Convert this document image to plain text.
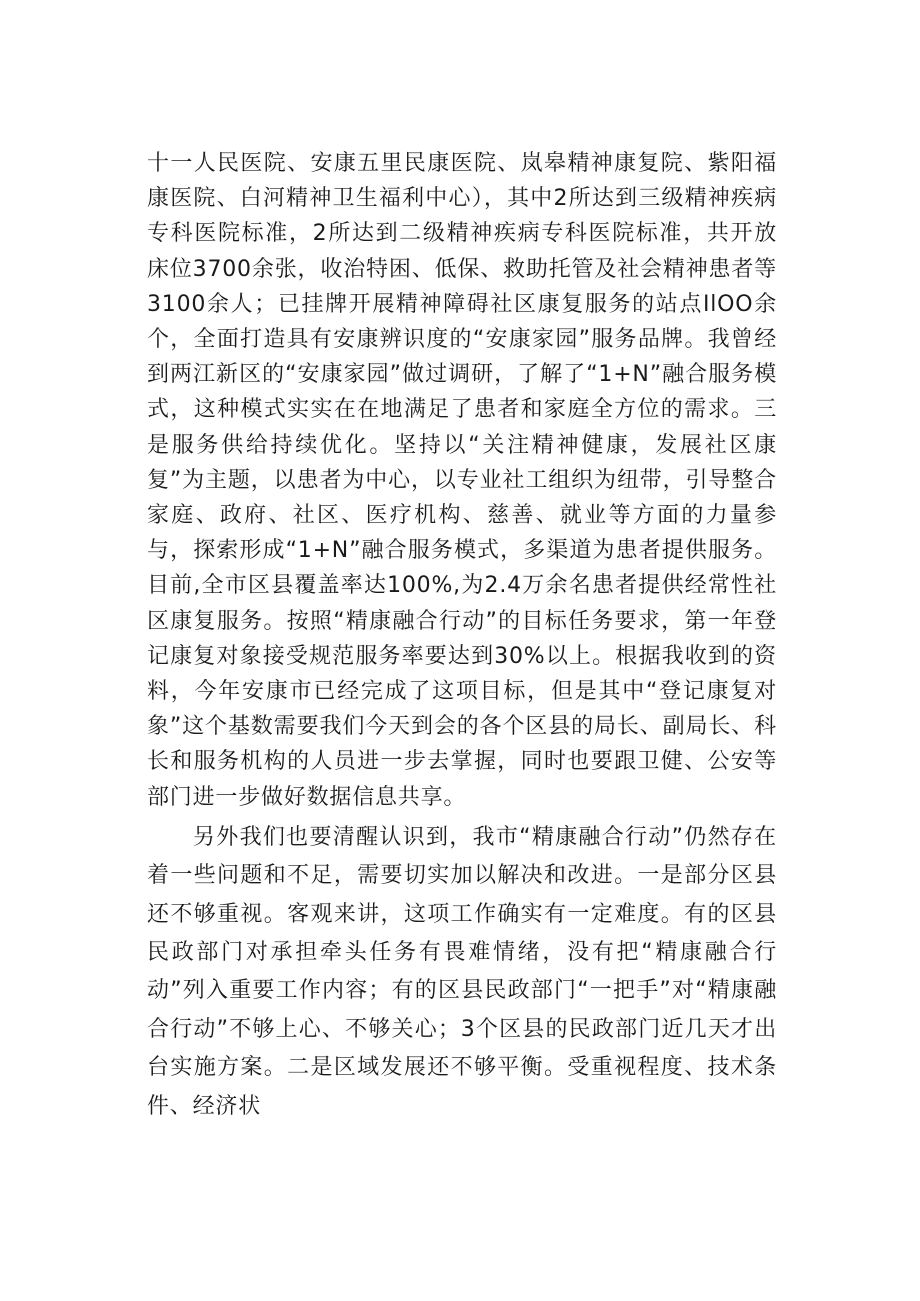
十一人民医院、安康五里民康医院、岚皋精神康复院、紫阳福康医院、白河精神卫生福利中心），其中2所达到三级精神疾病专科医院标准，2所达到二级精神疾病专科医院标准，共开放床位3700余张，收治特困、低保、救助托管及社会精神患者等3100余人；已挂牌开展精神障碍社区康复服务的站点IlOO余个，全面打造具有安康辨识度的“安康家园”服务品牌。我曾经到两江新区的“安康家园”做过调研，了解了“1+N”融合服务模式，这种模式实实在在地满足了患者和家庭全方位的需求。三是服务供给持续优化。坚持以“关注精神健康，发展社区康复”为主题，以患者为中心，以专业社工组织为纽带，引导整合家庭、政府、社区、医疗机构、慈善、就业等方面的力量参与，探索形成“1+N”融合服务模式，多渠道为患者提供服务。目前,全市区县覆盖率达100%,为2.4万余名患者提供经常性社区康复服务。按照“精康融合行动”的目标任务要求，第一年登记康复对象接受规范服务率要达到30%以上。根据我收到的资料，今年安康市已经完成了这项目标，但是其中“登记康复对象”这个基数需要我们今天到会的各个区县的局长、副局长、科长和服务机构的人员进一步去掌握，同时也要跟卫健、公安等部门进一步做好数据信息共享。

另外我们也要清醒认识到，我市“精康融合行动”仍然存在着一些问题和不足，需要切实加以解决和改进。一是部分区县还不够重视。客观来讲，这项工作确实有一定难度。有的区县民政部门对承担牵头任务有畏难情绪，没有把“精康融合行动”列入重要工作内容；有的区县民政部门“一把手”对“精康融合行动”不够上心、不够关心；3个区县的民政部门近几天才出台实施方案。二是区域发展还不够平衡。受重视程度、技术条件、经济状
